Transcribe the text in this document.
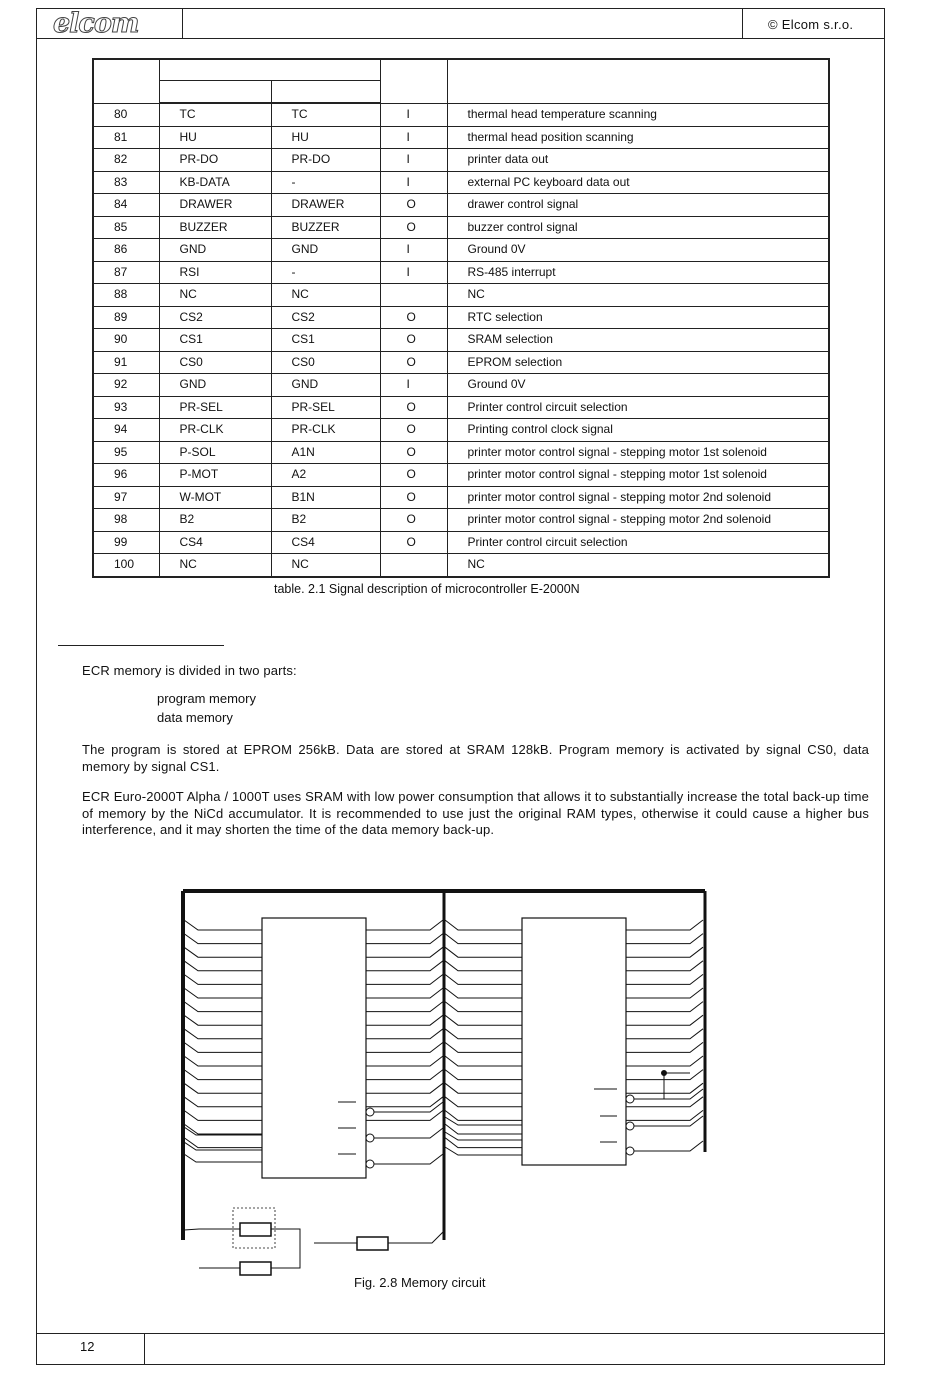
elcom	© Elcom s.r.o.

80	TC	TC	I	thermal head temperature scanning
81	HU	HU	I	thermal head position scanning
82	PR-DO	PR-DO	I	printer data out
83	KB-DATA	-	I	external PC keyboard data out
84	DRAWER	DRAWER	O	drawer control signal
85	BUZZER	BUZZER	O	buzzer control signal
86	GND	GND	I	Ground 0V
87	RSI	-	I	RS-485 interrupt
88	NC	NC		NC
89	CS2	CS2	O	RTC selection
90	CS1	CS1	O	SRAM selection
91	CS0	CS0	O	EPROM selection
92	GND	GND	I	Ground 0V
93	PR-SEL	PR-SEL	O	Printer control circuit selection
94	PR-CLK	PR-CLK	O	Printing control clock signal
95	P-SOL	A1N	O	printer motor control signal - stepping motor 1st solenoid
96	P-MOT	A2	O	printer motor control signal - stepping motor 1st solenoid
97	W-MOT	B1N	O	printer motor control signal - stepping motor 2nd solenoid
98	B2	B2	O	printer motor control signal - stepping motor 2nd solenoid
99	CS4	CS4	O	Printer control circuit selection
100	NC	NC		NC
table. 2.1 Signal description of microcontroller E-2000N
ECR memory is divided in two parts:
program memory
data memory
The program is stored at EPROM 256kB. Data are stored at SRAM 128kB. Program memory is activated by signal CS0, data memory by signal CS1.
ECR Euro-2000T Alpha / 1000T uses SRAM with low power consumption that allows it to substantially increase the total back-up time of memory by the NiCd accumulator. It is recommended to use just the original RAM types, otherwise it could cause a higher bus interference, and it may shorten the time of the data memory back-up.
Fig. 2.8 Memory circuit
12
